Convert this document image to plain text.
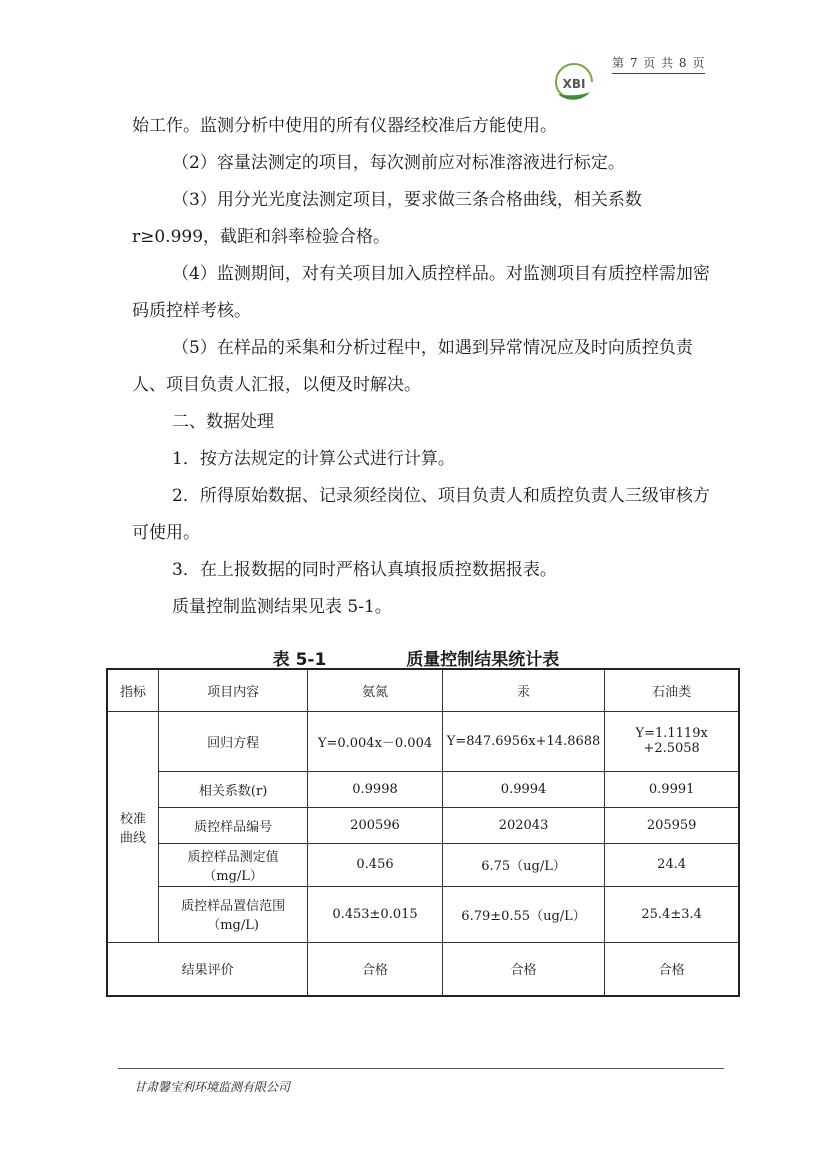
第 7 页 共 8 页
XBI

始工作。监测分析中使用的所有仪器经校准后方能使用。

（2）容量法测定的项目，每次测前应对标准溶液进行标定。

（3）用分光光度法测定项目，要求做三条合格曲线，相关系数r≥0.999，截距和斜率检验合格。

（4）监测期间，对有关项目加入质控样品。对监测项目有质控样需加密码质控样考核。

（5）在样品的采集和分析过程中，如遇到异常情况应及时向质控负责人、项目负责人汇报，以便及时解决。

二、数据处理

1．按方法规定的计算公式进行计算。

2．所得原始数据、记录须经岗位、项目负责人和质控负责人三级审核方可使用。

3．在上报数据的同时严格认真填报质控数据报表。

质量控制监测结果见表 5-1。

表 5-1	质量控制结果统计表
指标	项目内容	氨氮	汞	石油类
校准曲线	回归方程	Y=0.004x－0.004	Y=847.6956x+14.8688	Y=1.1119x +2.5058
	相关系数(r)	0.9998	0.9994	0.9991
	质控样品编号	200596	202043	205959
	质控样品测定值（mg/L）	0.456	6.75（ug/L）	24.4
	质控样品置信范围（mg/L)	0.453±0.015	6.79±0.55（ug/L）	25.4±3.4
结果评价		合格	合格	合格
甘肃馨宝利环境监测有限公司
